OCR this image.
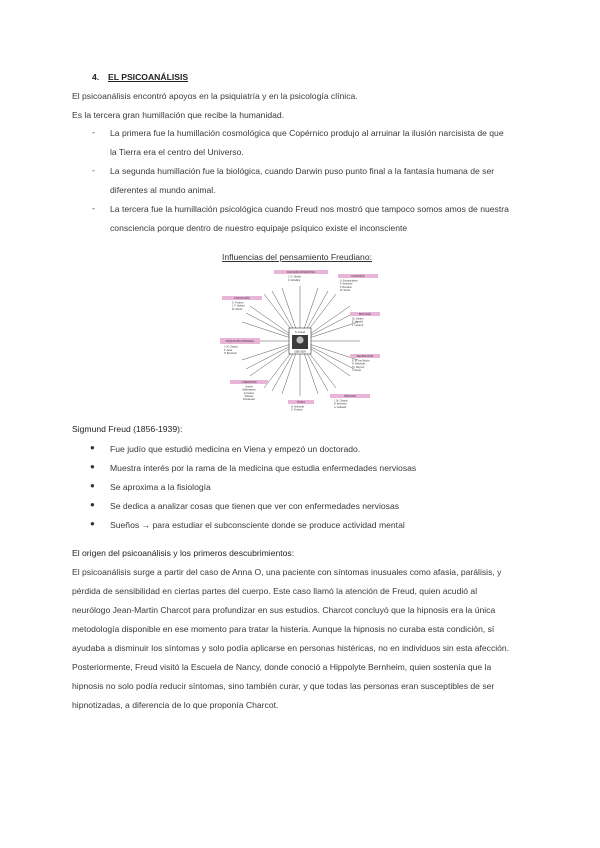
4. EL PSICOANÁLISIS
El psicoanálisis encontró apoyos en la psiquiatría y en la psicología clínica.
Es la tercera gran humillación que recibe la humanidad.
- La primera fue la humillación cosmológica que Copérnico produjo al arruinar la ilusión narcisista de que
la Tierra era el centro del Universo.
- La segunda humillación fue la biológica, cuando Darwin puso punto final a la fantasía humana de ser
diferentes al mundo animal.
- La tercera fue la humillación psicológica cuando Freud nos mostró que tampoco somos amos de nuestra
consciencia porque dentro de nuestro equipaje psíquico existe el inconsciente
Influencias del pensamiento Freudiano:
S. Freud
1856-1939
FILOSOFÍA ROMÁNTICA
J. G. Herder
F. Schelling
FILOSOFÍA
A. Schopenhauer
F. Nietzsche
F. Brentano
W. Wundt
BIOLOGÍA
Ch. Darwin
E. Haeckel
J. Lamarck
NEUROLOGÍA
E. W. von Brücke
H. Helmholtz
Th. Meynert
J. Breuer
HIPNOSIS
J. M. Charcot
H. Bernheim
A. Liébeault
FÍSICA
H. Helmholtz
G. Fechner
LITERATURA
Goethe
Shakespeare
Cervantes
Sófocles
Dostoievski
PSIQUIATRÍA FRANCESA
J. M. Charcot
P. Janet
H. Bernheim
PSICOLOGÍA
G. Fechner
J. F. Herbart
W. Wundt
Sigmund Freud (1856-1939):
● Fue judío que estudió medicina en Viena y empezó un doctorado.
● Muestra interés por la rama de la medicina que estudia enfermedades nerviosas
● Se aproxima a la fisiología
● Se dedica a analizar cosas que tienen que ver con enfermedades nerviosas
● Sueños → para estudiar el subconsciente donde se produce actividad mental
El origen del psicoanálisis y los primeros descubrimientos:
El psicoanálisis surge a partir del caso de Anna O, una paciente con síntomas inusuales como afasia, parálisis, y
pérdida de sensibilidad en ciertas partes del cuerpo. Este caso llamó la atención de Freud, quien acudió al
neurólogo Jean-Martin Charcot para profundizar en sus estudios. Charcot concluyó que la hipnosis era la única
metodología disponible en ese momento para tratar la histeria. Aunque la hipnosis no curaba esta condición, sí
ayudaba a disminuir los síntomas y solo podía aplicarse en personas histéricas, no en individuos sin esta afección.
Posteriormente, Freud visitó la Escuela de Nancy, donde conoció a Hippolyte Bernheim, quien sostenía que la
hipnosis no solo podía reducir síntomas, sino también curar, y que todas las personas eran susceptibles de ser
hipnotizadas, a diferencia de lo que proponía Charcot.
